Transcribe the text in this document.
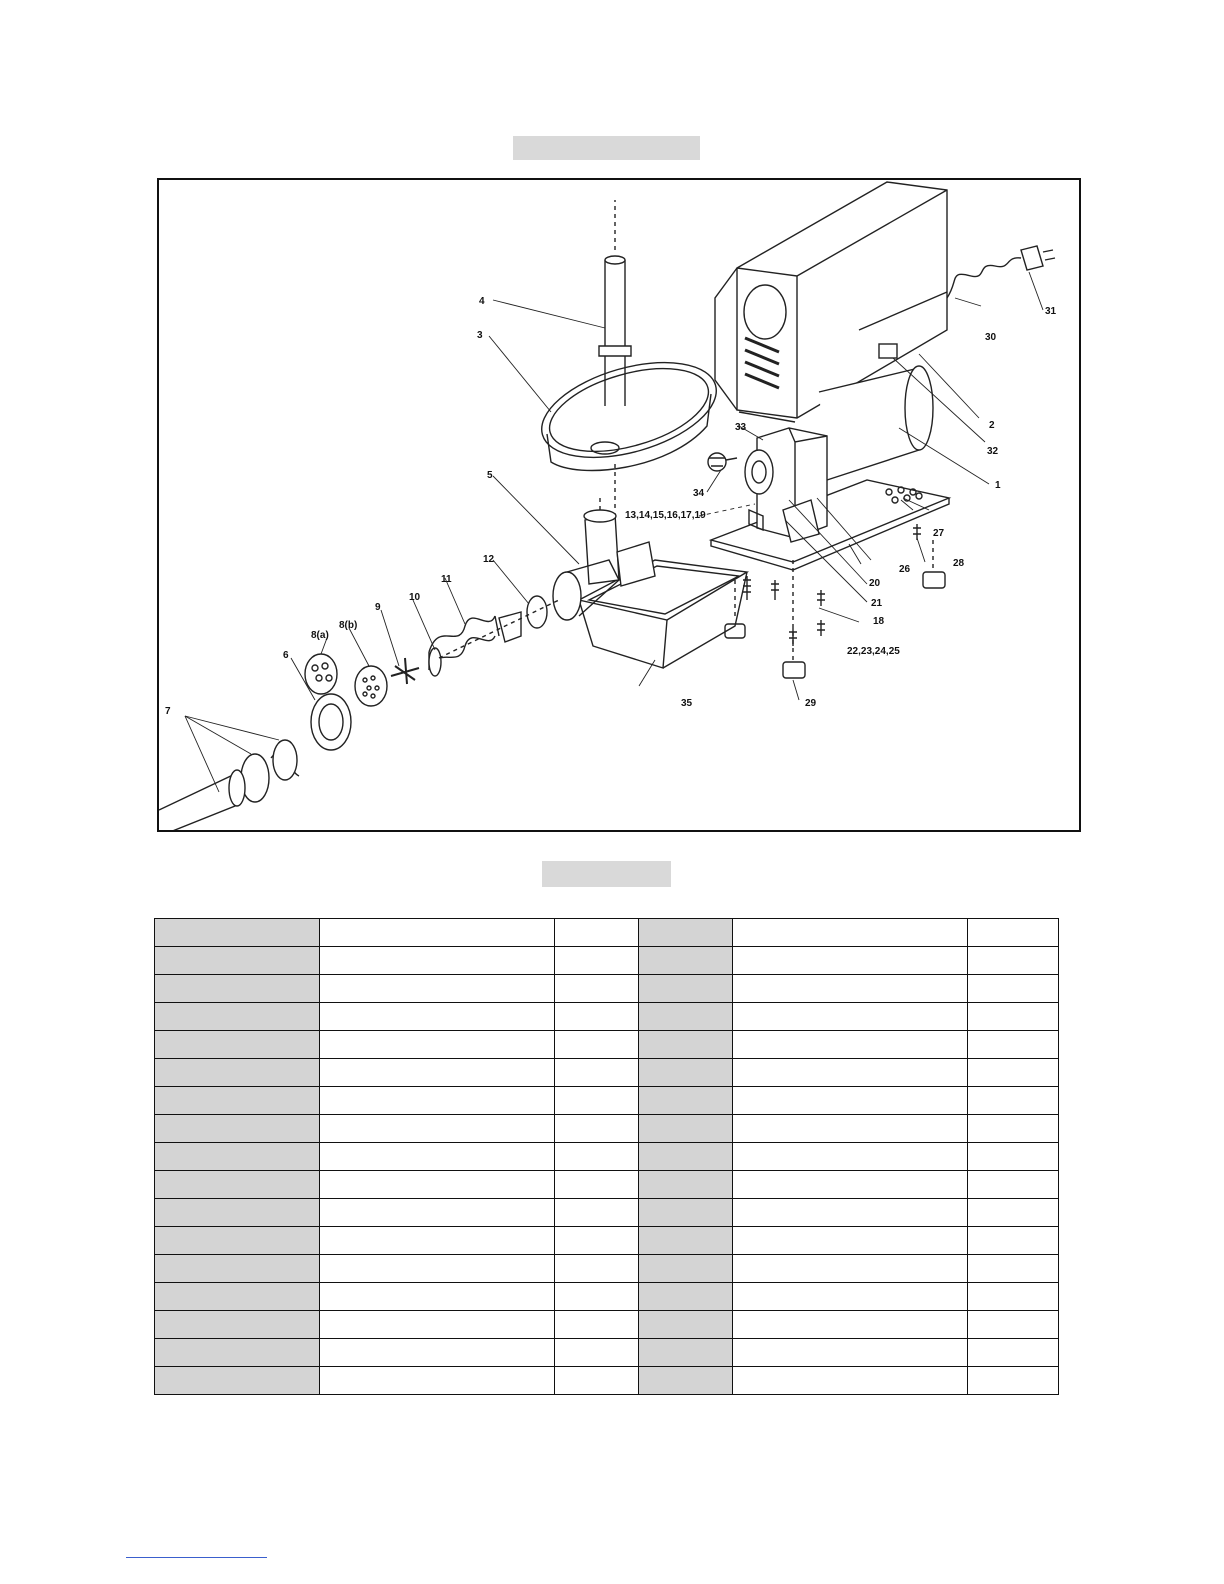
4
3
5
6
7
8(a)
8(b)
9
10
11
12
13,14,15,16,17,19
34
33
1
2
32
30
31
27
26
28
20
21
18
22,23,24,25
29
35
